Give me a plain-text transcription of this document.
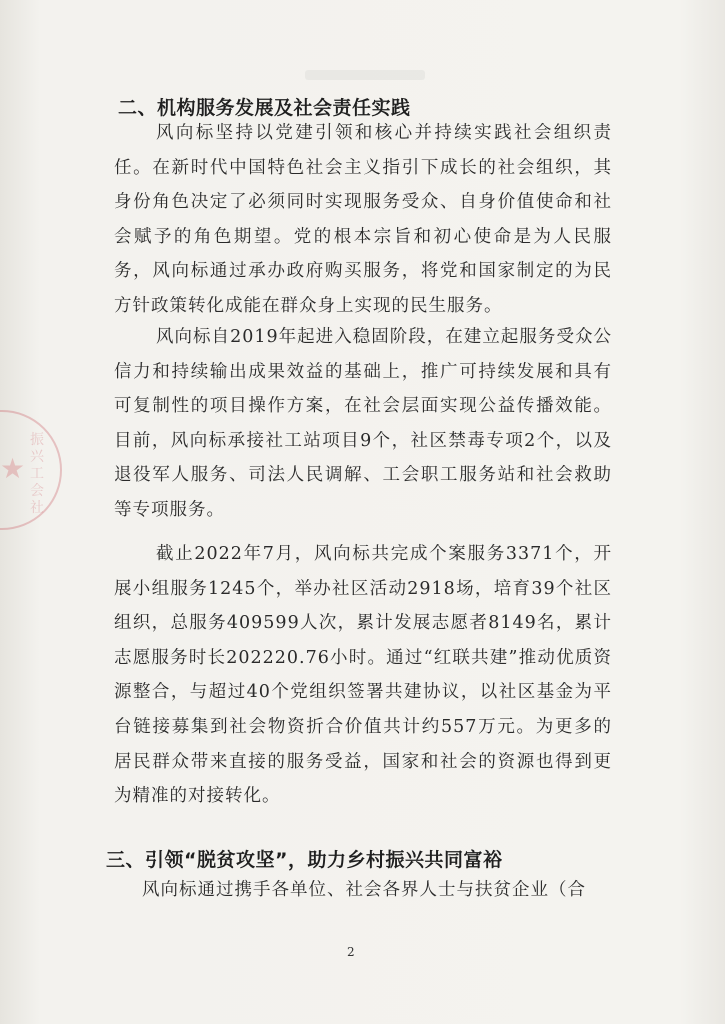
★
振兴工会社
二、机构服务发展及社会责任实践

风向标坚持以党建引领和核心并持续实践社会组织责任。在新时代中国特色社会主义指引下成长的社会组织，其身份角色决定了必须同时实现服务受众、自身价值使命和社会赋予的角色期望。党的根本宗旨和初心使命是为人民服务，风向标通过承办政府购买服务，将党和国家制定的为民方针政策转化成能在群众身上实现的民生服务。

风向标自2019年起进入稳固阶段，在建立起服务受众公信力和持续输出成果效益的基础上，推广可持续发展和具有可复制性的项目操作方案，在社会层面实现公益传播效能。目前，风向标承接社工站项目9个，社区禁毒专项2个，以及退役军人服务、司法人民调解、工会职工服务站和社会救助等专项服务。

截止2022年7月，风向标共完成个案服务3371个，开展小组服务1245个，举办社区活动2918场，培育39个社区组织，总服务409599人次，累计发展志愿者8149名，累计志愿服务时长202220.76小时。通过“红联共建”推动优质资源整合，与超过40个党组织签署共建协议，以社区基金为平台链接募集到社会物资折合价值共计约557万元。为更多的居民群众带来直接的服务受益，国家和社会的资源也得到更为精准的对接转化。

三、引领“脱贫攻坚”，助力乡村振兴共同富裕

风向标通过携手各单位、社会各界人士与扶贫企业（合

2
